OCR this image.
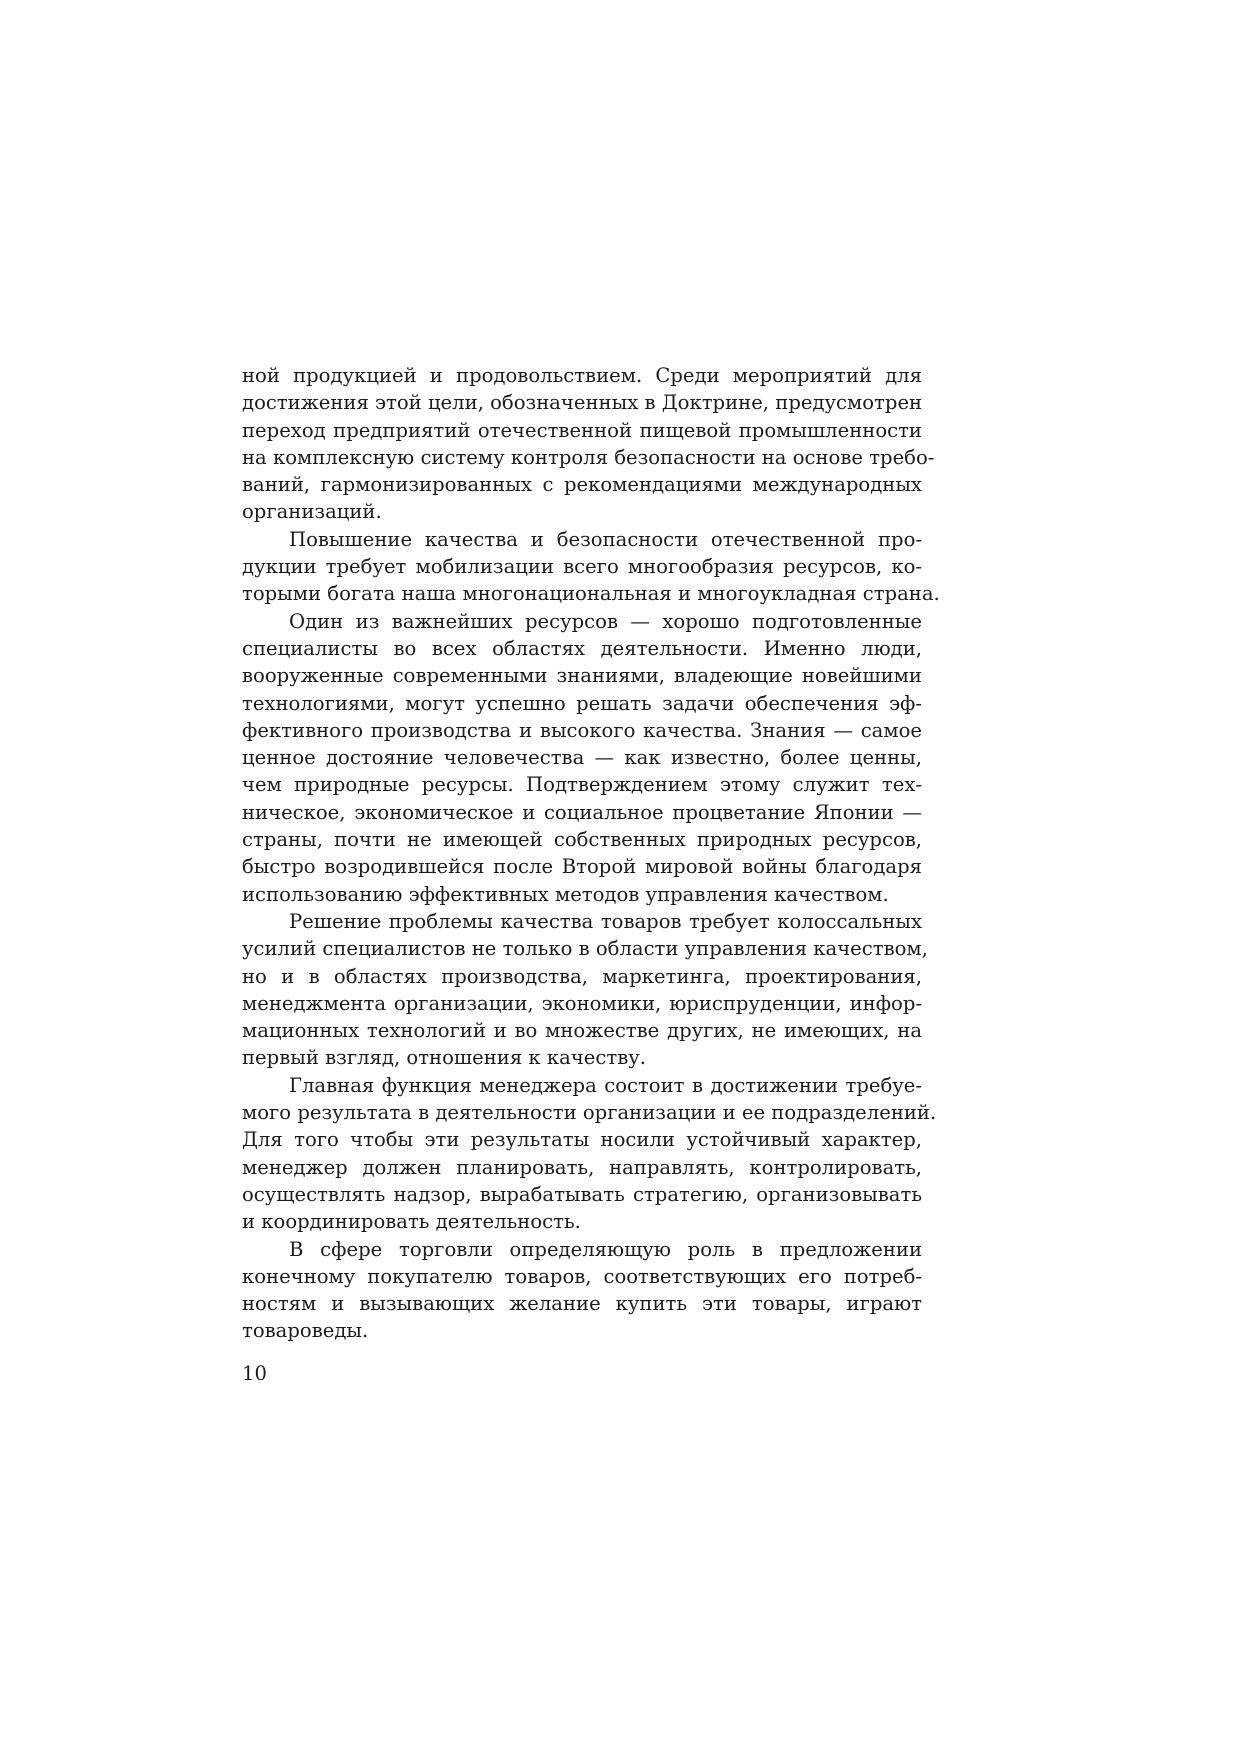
ной продукцией и продовольствием. Среди мероприятий для
достижения этой цели, обозначенных в Доктрине, предусмотрен
переход предприятий отечественной пищевой промышленности
на комплексную систему контроля безопасности на основе требо-
ваний, гармонизированных с рекомендациями международных
организаций.
Повышение качества и безопасности отечественной про-
дукции требует мобилизации всего многообразия ресурсов, ко-
торыми богата наша многонациональная и многоукладная страна.
Один из важнейших ресурсов — хорошо подготовленные
специалисты во всех областях деятельности. Именно люди,
вооруженные современными знаниями, владеющие новейшими
технологиями, могут успешно решать задачи обеспечения эф-
фективного производства и высокого качества. Знания — самое
ценное достояние человечества — как известно, более ценны,
чем природные ресурсы. Подтверждением этому служит тех-
ническое, экономическое и социальное процветание Японии —
страны, почти не имеющей собственных природных ресурсов,
быстро возродившейся после Второй мировой войны благодаря
использованию эффективных методов управления качеством.
Решение проблемы качества товаров требует колоссальных
усилий специалистов не только в области управления качеством,
но и в областях производства, маркетинга, проектирования,
менеджмента организации, экономики, юриспруденции, инфор-
мационных технологий и во множестве других, не имеющих, на
первый взгляд, отношения к качеству.
Главная функция менеджера состоит в достижении требуе-
мого результата в деятельности организации и ее подразделений.
Для того чтобы эти результаты носили устойчивый характер,
менеджер должен планировать, направлять, контролировать,
осуществлять надзор, вырабатывать стратегию, организовывать
и координировать деятельность.
В сфере торговли определяющую роль в предложении
конечному покупателю товаров, соответствующих его потреб-
ностям и вызывающих желание купить эти товары, играют
товароведы.
10
